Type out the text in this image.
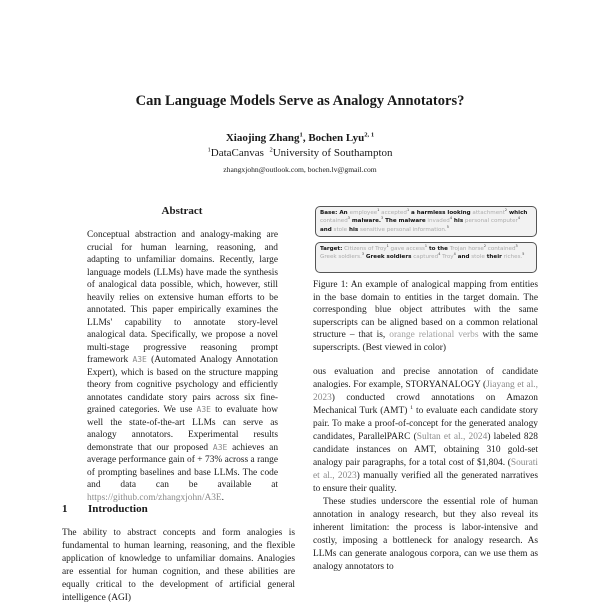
Can Language Models Serve as Analogy Annotators?
Xiaojing Zhang$^1$, Bochen Lyu$^{2, 1}$
$^1$DataCanvas $^2$University of Southampton
zhangxjohn@outlook.com, bochen.lv@gmail.com
Abstract
Conceptual abstraction and analogy-making are crucial for human learning, reasoning, and adapting to unfamiliar domains. Recently, large language models (LLMs) have made the synthesis of analogical data possible, which, however, still heavily relies on extensive human efforts to be annotated. This paper empirically examines the LLMs' capability to annotate story-level analogical data. Specifically, we propose a novel multi-stage progressive reasoning prompt framework A3E (Automated Analogy Annotation Expert), which is based on the structure mapping theory from cognitive psychology and efficiently annotates candidate story pairs across six fine-grained categories. We use A3E to evaluate how well the state-of-the-art LLMs can serve as analogy annotators. Experimental results demonstrate that our proposed A3E achieves an average performance gain of + 73% across a range of prompting baselines and base LLMs. The code and data can be available at https://github.com/zhangxjohn/A3E.
1 Introduction
The ability to abstract concepts and form analogies is fundamental to human learning, reasoning, and the flexible application of knowledge to unfamiliar domains. Analogies are essential for human cognition, and these abilities are equally critical to the development of artificial general intelligence (AGI)
Base: An employee$^1$ accepted$^1$ a harmless looking attachment$^2$ which contained$^3$ malware.$^3$ The malware invaded$^4$ his personal computer$^4$ and stole his sensitive personal information.$^5$
Target: Citizens of Troy$^1$ gave access$^1$ to the Trojan horse$^2$ contained$^3$ Greek soldiers.$^3$ Greek soldiers captured$^4$ Troy$^4$ and stole their riches.$^5$
Figure 1: An example of analogical mapping from entities in the base domain to entities in the target domain. The corresponding blue object attributes with the same superscripts can be aligned based on a common relational structure – that is, orange relational verbs with the same superscripts. (Best viewed in color)

ous evaluation and precise annotation of candidate analogies. For example, STORYANALOGY (Jiayang et al., 2023) conducted crowd annotations on Amazon Mechanical Turk (AMT) $^1$ to evaluate each candidate story pair. To make a proof-of-concept for the generated analogy candidates, ParallelPARC (Sultan et al., 2024) labeled 828 candidate instances on AMT, obtaining 310 gold-set analogy pair paragraphs, for a total cost of $1,804. (Sourati et al., 2023) manually verified all the generated narratives to ensure their quality.

These studies underscore the essential role of human annotation in analogy research, but they also reveal its inherent limitation: the process is labor-intensive and costly, imposing a bottleneck for analogy research. As LLMs can generate analogous corpora, can we use them as analogy annotators to
